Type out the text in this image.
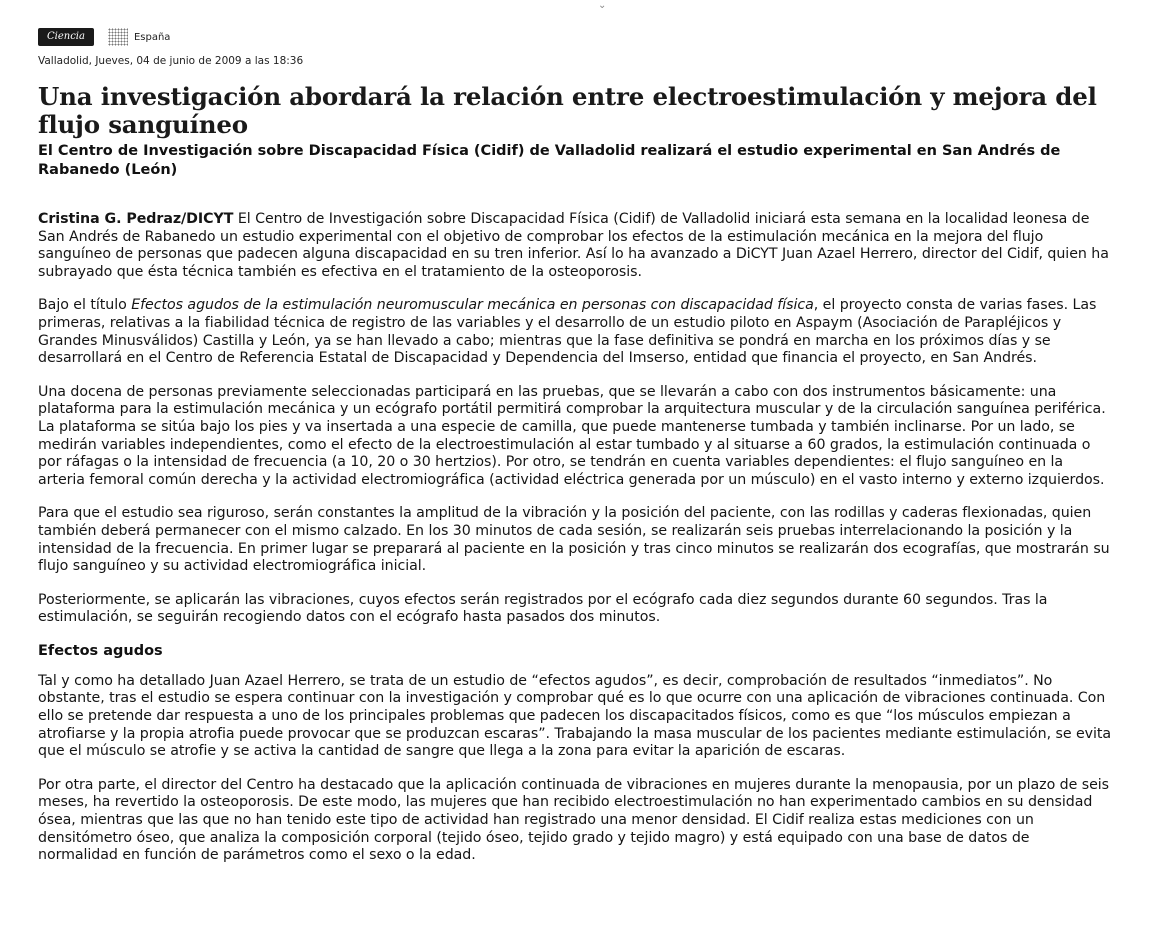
⌄
Ciencia	España
Valladolid, Jueves, 04 de junio de 2009 a las 18:36
Una investigación abordará la relación entre electroestimulación y mejora del flujo sanguíneo
El Centro de Investigación sobre Discapacidad Física (Cidif) de Valladolid realizará el estudio experimental en San Andrés de Rabanedo (León)

Cristina G. Pedraz/DICYT El Centro de Investigación sobre Discapacidad Física (Cidif) de Valladolid iniciará esta semana en la localidad leonesa de San Andrés de Rabanedo un estudio experimental con el objetivo de comprobar los efectos de la estimulación mecánica en la mejora del flujo sanguíneo de personas que padecen alguna discapacidad en su tren inferior. Así lo ha avanzado a DiCYT Juan Azael Herrero, director del Cidif, quien ha subrayado que ésta técnica también es efectiva en el tratamiento de la osteoporosis.

Bajo el título Efectos agudos de la estimulación neuromuscular mecánica en personas con discapacidad física, el proyecto consta de varias fases. Las primeras, relativas a la fiabilidad técnica de registro de las variables y el desarrollo de un estudio piloto en Aspaym (Asociación de Parapléjicos y Grandes Minusválidos) Castilla y León, ya se han llevado a cabo; mientras que la fase definitiva se pondrá en marcha en los próximos días y se desarrollará en el Centro de Referencia Estatal de Discapacidad y Dependencia del Imserso, entidad que financia el proyecto, en San Andrés.

Una docena de personas previamente seleccionadas participará en las pruebas, que se llevarán a cabo con dos instrumentos básicamente: una plataforma para la estimulación mecánica y un ecógrafo portátil permitirá comprobar la arquitectura muscular y de la circulación sanguínea periférica. La plataforma se sitúa bajo los pies y va insertada a una especie de camilla, que puede mantenerse tumbada y también inclinarse. Por un lado, se medirán variables independientes, como el efecto de la electroestimulación al estar tumbado y al situarse a 60 grados, la estimulación continuada o por ráfagas o la intensidad de frecuencia (a 10, 20 o 30 hertzios). Por otro, se tendrán en cuenta variables dependientes: el flujo sanguíneo en la arteria femoral común derecha y la actividad electromiográfica (actividad eléctrica generada por un músculo) en el vasto interno y externo izquierdos.

Para que el estudio sea riguroso, serán constantes la amplitud de la vibración y la posición del paciente, con las rodillas y caderas flexionadas, quien también deberá permanecer con el mismo calzado. En los 30 minutos de cada sesión, se realizarán seis pruebas interrelacionando la posición y la intensidad de la frecuencia. En primer lugar se preparará al paciente en la posición y tras cinco minutos se realizarán dos ecografías, que mostrarán su flujo sanguíneo y su actividad electromiográfica inicial.

Posteriormente, se aplicarán las vibraciones, cuyos efectos serán registrados por el ecógrafo cada diez segundos durante 60 segundos. Tras la estimulación, se seguirán recogiendo datos con el ecógrafo hasta pasados dos minutos.

Efectos agudos

Tal y como ha detallado Juan Azael Herrero, se trata de un estudio de “efectos agudos”, es decir, comprobación de resultados “inmediatos”. No obstante, tras el estudio se espera continuar con la investigación y comprobar qué es lo que ocurre con una aplicación de vibraciones continuada. Con ello se pretende dar respuesta a uno de los principales problemas que padecen los discapacitados físicos, como es que “los músculos empiezan a atrofiarse y la propia atrofia puede provocar que se produzcan escaras”. Trabajando la masa muscular de los pacientes mediante estimulación, se evita que el músculo se atrofie y se activa la cantidad de sangre que llega a la zona para evitar la aparición de escaras.

Por otra parte, el director del Centro ha destacado que la aplicación continuada de vibraciones en mujeres durante la menopausia, por un plazo de seis meses, ha revertido la osteoporosis. De este modo, las mujeres que han recibido electroestimulación no han experimentado cambios en su densidad ósea, mientras que las que no han tenido este tipo de actividad han registrado una menor densidad. El Cidif realiza estas mediciones con un densitómetro óseo, que analiza la composición corporal (tejido óseo, tejido grado y tejido magro) y está equipado con una base de datos de normalidad en función de parámetros como el sexo o la edad.
